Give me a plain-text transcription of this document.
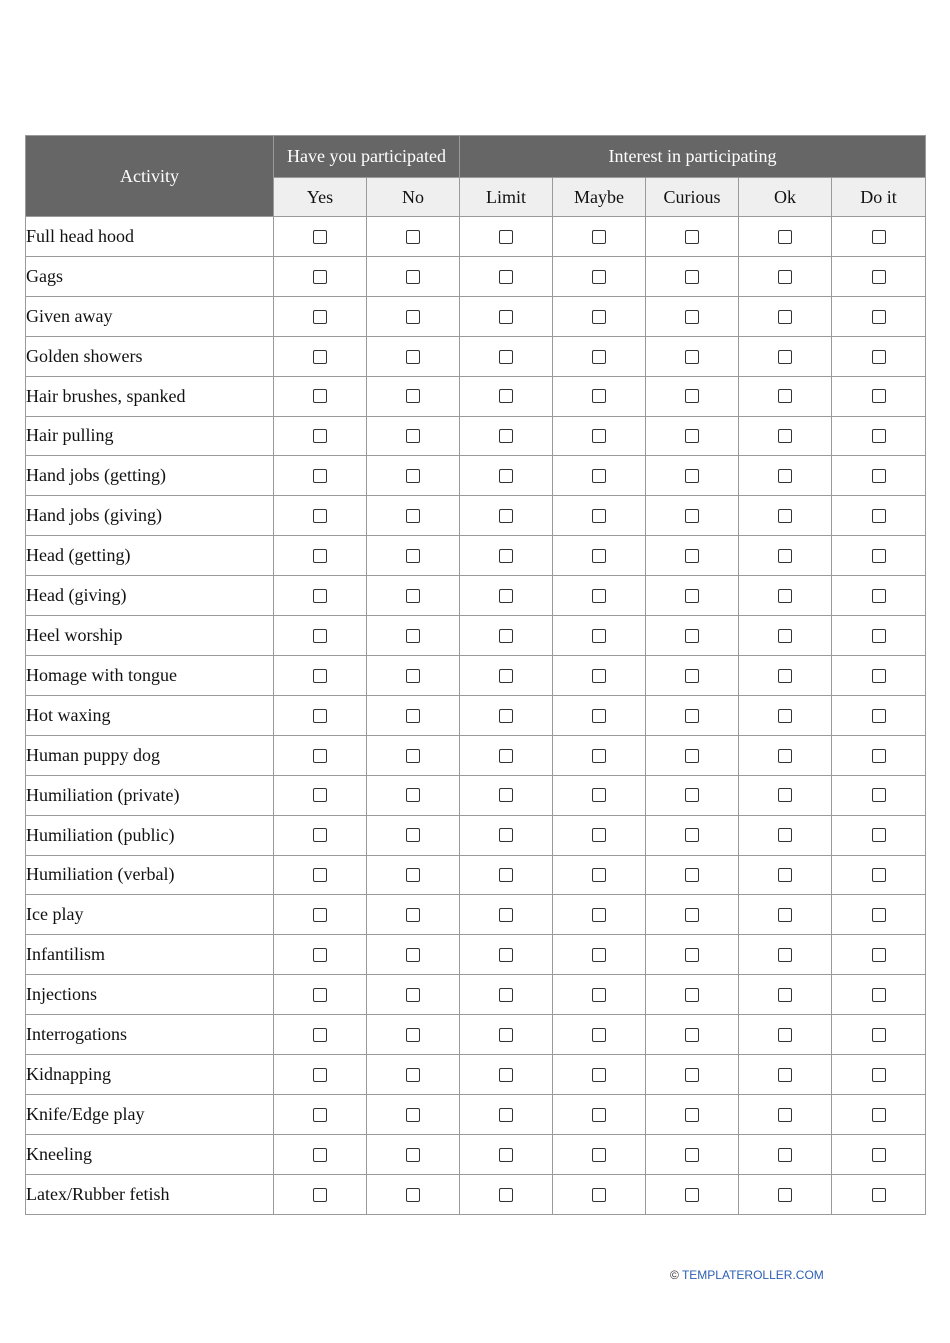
Activity	Have you participated		Interest in participating				
	Yes	No	Limit	Maybe	Curious	Ok	Do it
Full head hood							
Gags							
Given away							
Golden showers							
Hair brushes, spanked							
Hair pulling							
Hand jobs (getting)							
Hand jobs (giving)							
Head (getting)							
Head (giving)							
Heel worship							
Homage with tongue							
Hot waxing							
Human puppy dog							
Humiliation (private)							
Humiliation (public)							
Humiliation (verbal)							
Ice play							
Infantilism							
Injections							
Interrogations							
Kidnapping							
Knife/Edge play							
Kneeling							
Latex/Rubber fetish							
© TEMPLATEROLLER.COM
